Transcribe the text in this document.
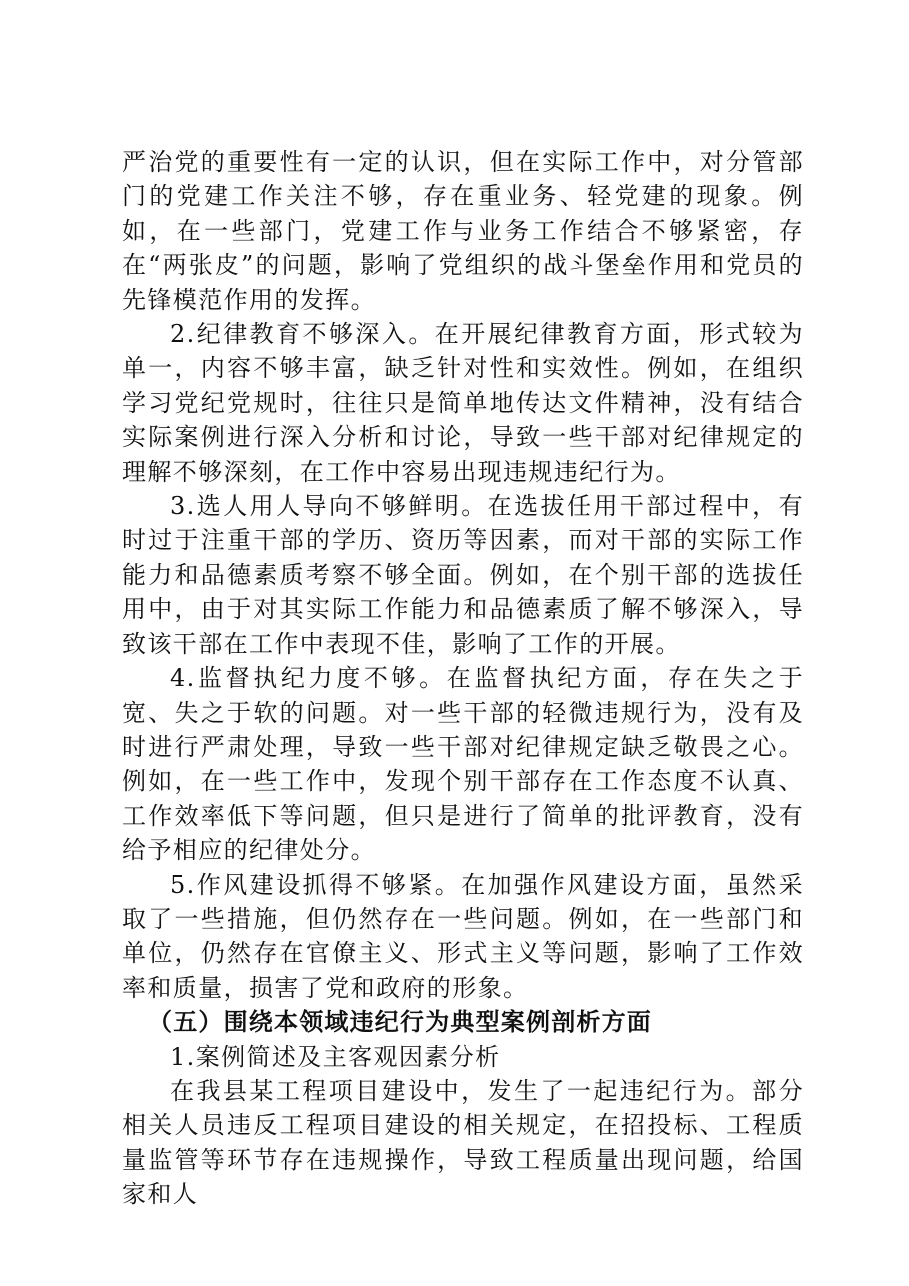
严治党的重要性有一定的认识，但在实际工作中，对分管部门的党建工作关注不够，存在重业务、轻党建的现象。例如，在一些部门，党建工作与业务工作结合不够紧密，存在“两张皮”的问题，影响了党组织的战斗堡垒作用和党员的先锋模范作用的发挥。

2.纪律教育不够深入。在开展纪律教育方面，形式较为单一，内容不够丰富，缺乏针对性和实效性。例如，在组织学习党纪党规时，往往只是简单地传达文件精神，没有结合实际案例进行深入分析和讨论，导致一些干部对纪律规定的理解不够深刻，在工作中容易出现违规违纪行为。

3.选人用人导向不够鲜明。在选拔任用干部过程中，有时过于注重干部的学历、资历等因素，而对干部的实际工作能力和品德素质考察不够全面。例如，在个别干部的选拔任用中，由于对其实际工作能力和品德素质了解不够深入，导致该干部在工作中表现不佳，影响了工作的开展。

4.监督执纪力度不够。在监督执纪方面，存在失之于宽、失之于软的问题。对一些干部的轻微违规行为，没有及时进行严肃处理，导致一些干部对纪律规定缺乏敬畏之心。例如，在一些工作中，发现个别干部存在工作态度不认真、工作效率低下等问题，但只是进行了简单的批评教育，没有给予相应的纪律处分。

5.作风建设抓得不够紧。在加强作风建设方面，虽然采取了一些措施，但仍然存在一些问题。例如，在一些部门和单位，仍然存在官僚主义、形式主义等问题，影响了工作效率和质量，损害了党和政府的形象。

（五）围绕本领域违纪行为典型案例剖析方面

1.案例简述及主客观因素分析

在我县某工程项目建设中，发生了一起违纪行为。部分相关人员违反工程项目建设的相关规定，在招投标、工程质量监管等环节存在违规操作，导致工程质量出现问题，给国家和人
